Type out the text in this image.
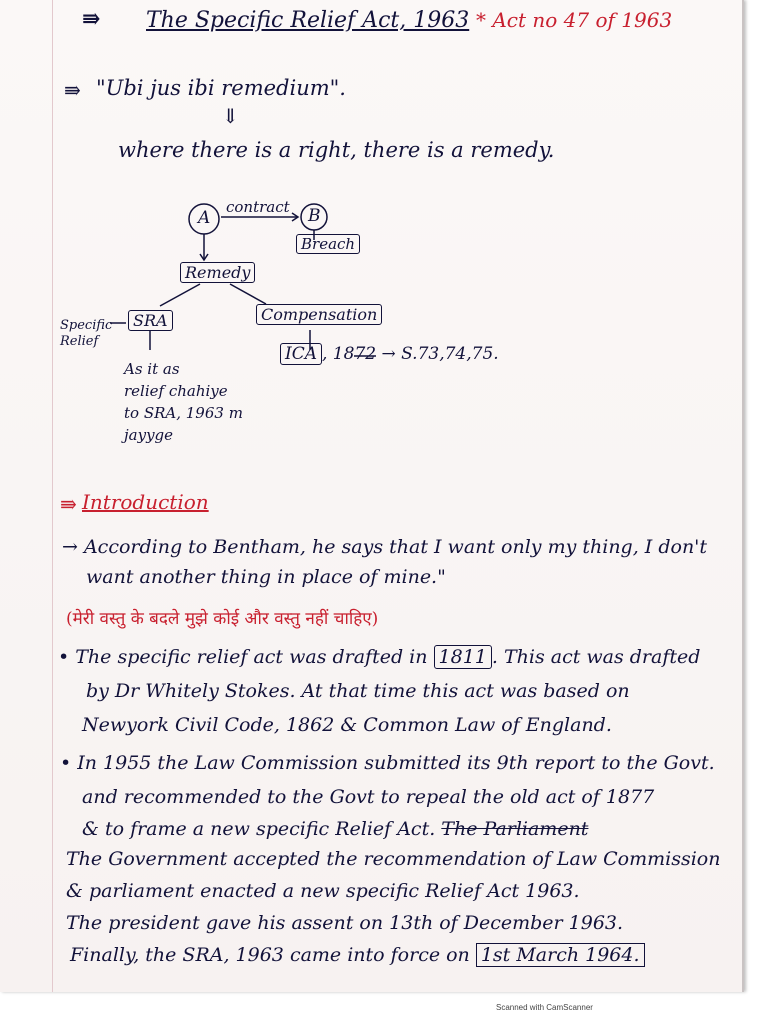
⇛ The Specific Relief Act, 1963 * Act no 47 of 1963
⇛ "Ubi jus ibi remedium".
⇓
where there is a right, there is a remedy.
A	B
contract
Breach
Remedy
SRA	Compensation
Specific Relief
As it as
relief chahiye
to SRA, 1963 m
jayyge
ICA , 1872 → S.73,74,75.
⇛ Introduction
→ According to Bentham, he says that I want only my thing, I don't
want another thing in place of mine."
(मेरी वस्तु के बदले मुझे कोई और वस्तु नहीं चाहिए)
• The specific relief act was drafted in 1811 . This act was drafted
by Dr Whitely Stokes. At that time this act was based on
Newyork Civil Code, 1862 & Common Law of England.
• In 1955 the Law Commission submitted its 9th report to the Govt.
and recommended to the Govt to repeal the old act of 1877
& to frame a new specific Relief Act. The Parliament
The Government accepted the recommendation of Law Commission
& parliament enacted a new specific Relief Act 1963.
The president gave his assent on 13th of December 1963.
Finally, the SRA, 1963 came into force on 1st March 1964.
Scanned with CamScanner
